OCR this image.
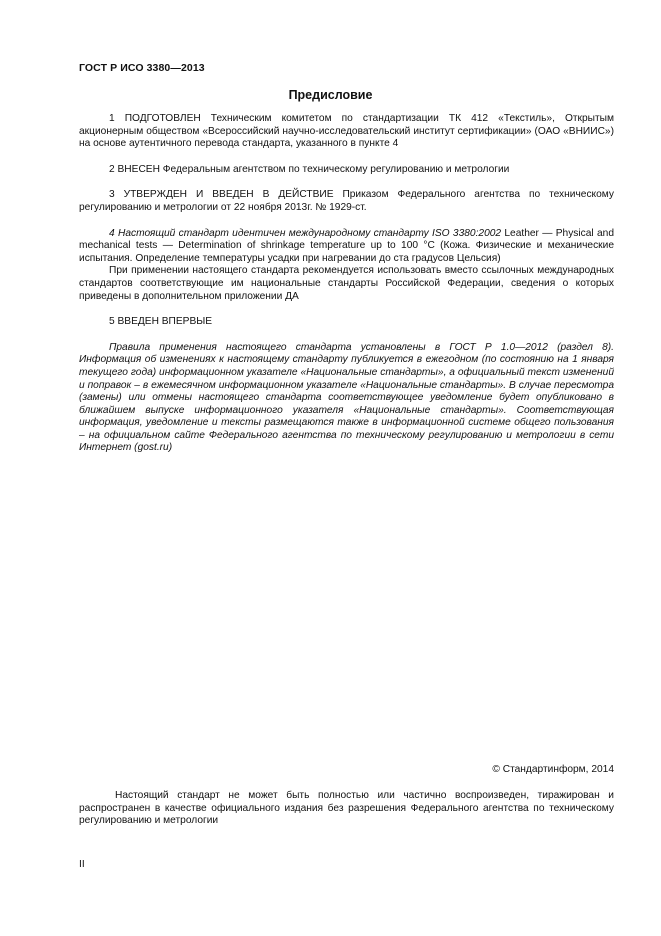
ГОСТ Р ИСО 3380—2013
Предисловие

1 ПОДГОТОВЛЕН Техническим комитетом по стандартизации ТК 412 «Текстиль», Открытым акционерным обществом «Всероссийский научно-исследовательский институт сертификации» (ОАО «ВНИИС») на основе аутентичного перевода стандарта, указанного в пункте 4

2 ВНЕСЕН Федеральным агентством по техническому регулированию и метрологии

3 УТВЕРЖДЕН И ВВЕДЕН В ДЕЙСТВИЕ Приказом Федерального агентства по техническому регулированию и метрологии от 22 ноября 2013г. № 1929-ст.

4 Настоящий стандарт идентичен международному стандарту ISO 3380:2002 Leather — Physical and mechanical tests — Determination of shrinkage temperature up to 100 °C (Кожа. Физические и механические испытания. Определение температуры усадки при нагревании до ста градусов Цельсия)

При применении настоящего стандарта рекомендуется использовать вместо ссылочных международных стандартов соответствующие им национальные стандарты Российской Федерации, сведения о которых приведены в дополнительном приложении ДА

5 ВВЕДЕН ВПЕРВЫЕ

Правила применения настоящего стандарта установлены в ГОСТ Р 1.0—2012 (раздел 8). Информация об изменениях к настоящему стандарту публикуется в ежегодном (по состоянию на 1 января текущего года) информационном указателе «Национальные стандарты», а официальный текст изменений и поправок – в ежемесячном информационном указателе «Национальные стандарты». В случае пересмотра (замены) или отмены настоящего стандарта соответствующее уведомление будет опубликовано в ближайшем выпуске информационного указателя «Национальные стандарты». Соответствующая информация, уведомление и тексты размещаются также в информационной системе общего пользования – на официальном сайте Федерального агентства по техническому регулированию и метрологии в сети Интернет (gost.ru)

© Стандартинформ, 2014

Настоящий стандарт не может быть полностью или частично воспроизведен, тиражирован и распространен в качестве официального издания без разрешения Федерального агентства по техническому регулированию и метрологии

II
